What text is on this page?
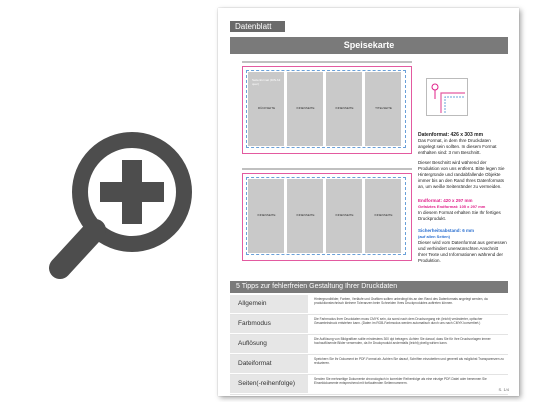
Datenblatt
Speisekarte
RÜCKSEITE	INNENSEITE	INNENSEITE	TITELSEITE
Seitenformat (DIN A3 quer)
INNENSEITE	INNENSEITE	INNENSEITE	INNENSEITE
Datenformat: 426 x 303 mm
Das Format, in dem Ihre Druckdaten angelegt sein sollten. In diesem Format enthalten sind: 3 mm Beschnitt.
Dieser Beschnitt wird während der Produktion von uns entfernt. Bitte legen Sie Hintergründe und randabfallende Objekte immer bis an den Rand Ihres Datenformats an, um weiße Seitenränder zu vermeiden.
Endformat: 420 x 297 mm
Gefalztes Endformat: 105 x 297 mm
In diesem Format erhalten Sie Ihr fertiges Druckprodukt.
Sicherheitsabstand: 6 mm
(auf allen Seiten)
Dieser wird vom Datenformat aus gemessen und verhindert unerwünschten Anschnitt Ihrer Texte und Informationen während der Produktion.
5 Tipps zur fehlerfreien Gestaltung Ihrer Druckdaten
Allgemein
Hintergrundbilder, Farben, Verläufe und Grafiken sollten unbedingt bis an den Rand des Datenformats angelegt werden, da produktionstechnisch kleinere Toleranzen beim Schneiden Ihres Druckproduktes auftreten können.
Farbmodus
Die Farbmodus Ihrer Druckdaten muss CMYK sein, da sonst nach dem Druckvorgang ein (leicht) veränderter, optischer Gesamteindruck entstehen kann. (Daten im RGB-Farbmodus werden automatisch durch uns nach CMYK konvertiert.)
Auflösung
Die Auflösung von Bildgrafiken sollte mindestens 300 dpi betragen. Achten Sie darauf, dass Sie für Ihre Druckvorlagen immer hochauflösende Bilder verwenden, da Ihr Druckprodukt andernfalls (leicht) pixelig wirken kann.
Dateiformat
Speichern Sie Ihr Dokument im PDF-Format ab. Achten Sie darauf, Schriften einzubetten und generell als möglichst Transparenzen zu reduzieren.
Seiten(-reihenfolge)
Senden Sie mehrseitige Dokumente chronologisch in korrekter Reihenfolge als eine einzige PDF-Datei oder benennen Sie Einzeldokumente entsprechend mit fortlaufenden Seitennummern.
S. 1/4
